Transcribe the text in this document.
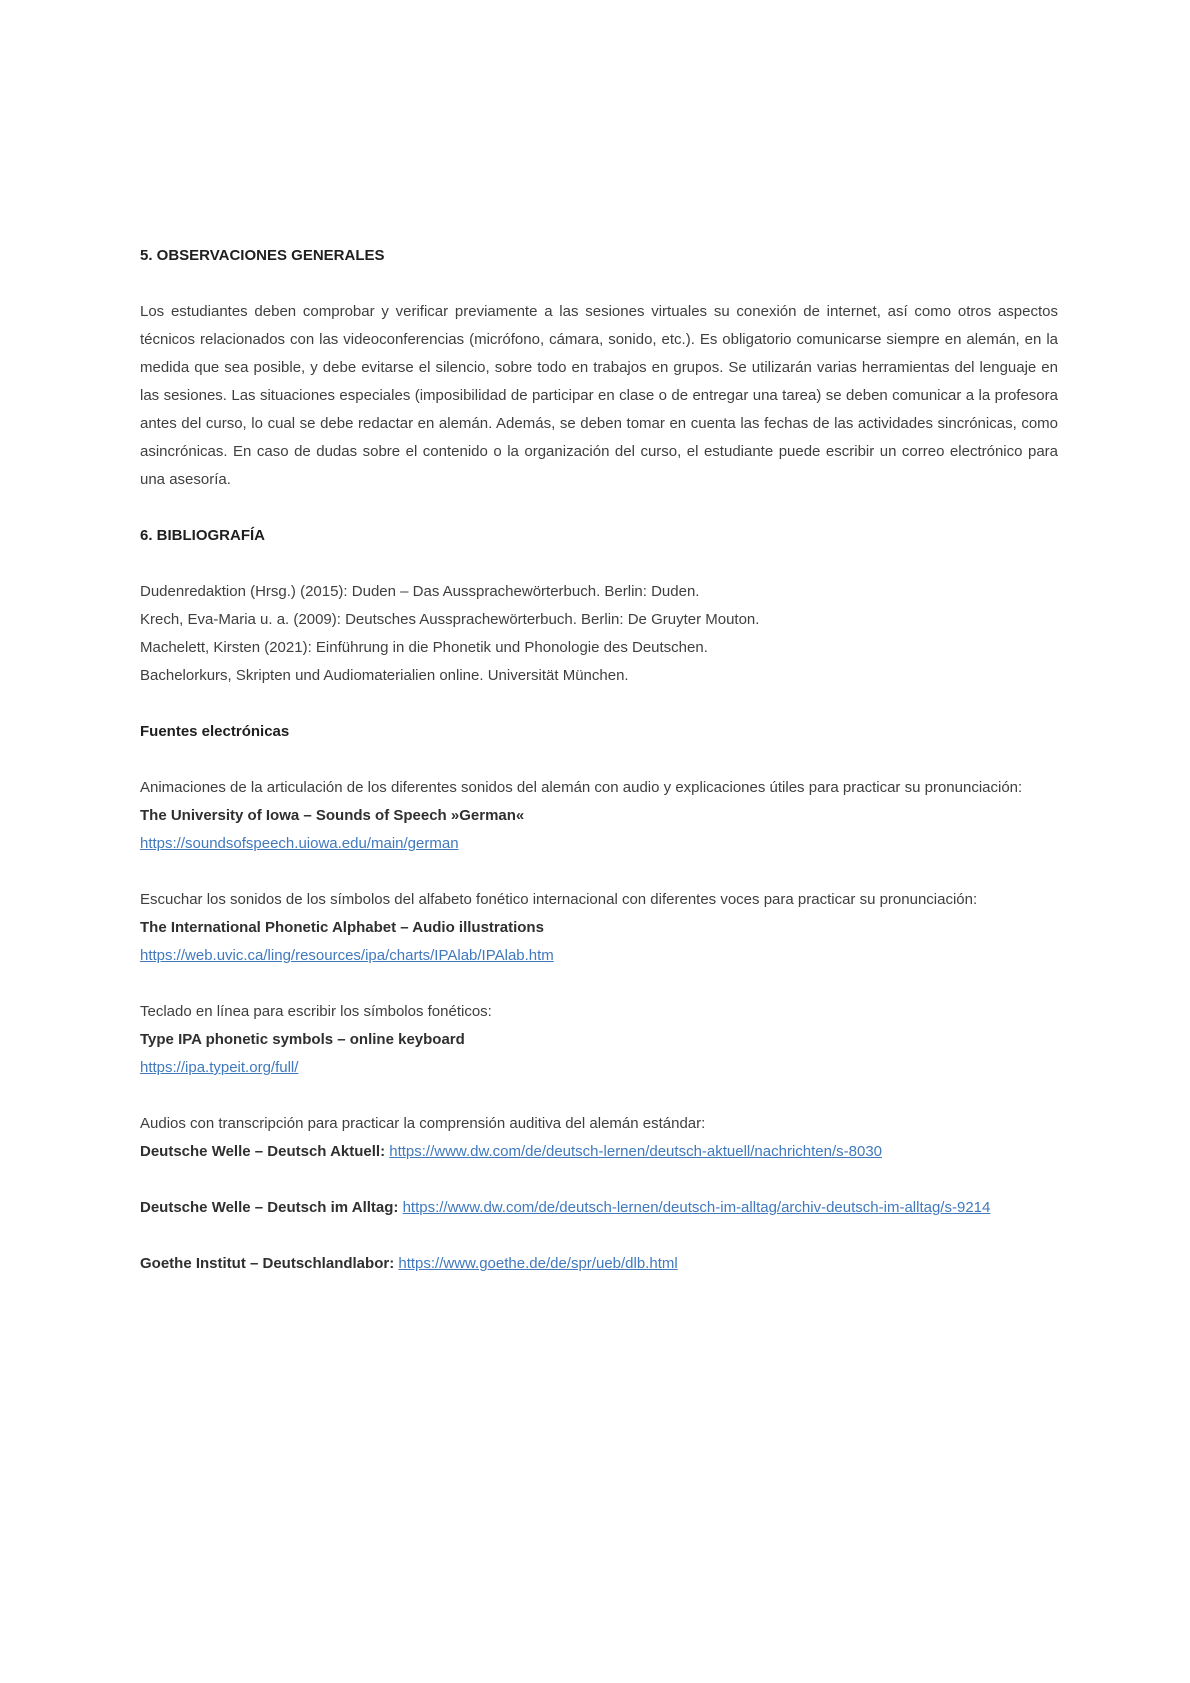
5. OBSERVACIONES GENERALES

Los estudiantes deben comprobar y verificar previamente a las sesiones virtuales su conexión de internet, así como otros aspectos técnicos relacionados con las videoconferencias (micrófono, cámara, sonido, etc.). Es obligatorio comunicarse siempre en alemán, en la medida que sea posible, y debe evitarse el silencio, sobre todo en trabajos en grupos. Se utilizarán varias herramientas del lenguaje en las sesiones. Las situaciones especiales (imposibilidad de participar en clase o de entregar una tarea) se deben comunicar a la profesora antes del curso, lo cual se debe redactar en alemán. Además, se deben tomar en cuenta las fechas de las actividades sincrónicas, como asincrónicas. En caso de dudas sobre el contenido o la organización del curso, el estudiante puede escribir un correo electrónico para una asesoría.

6. BIBLIOGRAFÍA

Dudenredaktion (Hrsg.) (2015): Duden – Das Aussprachewörterbuch. Berlin: Duden.

Krech, Eva-Maria u. a. (2009): Deutsches Aussprachewörterbuch. Berlin: De Gruyter Mouton.

Machelett, Kirsten (2021): Einführung in die Phonetik und Phonologie des Deutschen.

Bachelorkurs, Skripten und Audiomaterialien online. Universität München.

Fuentes electrónicas

Animaciones de la articulación de los diferentes sonidos del alemán con audio y explicaciones útiles para practicar su pronunciación:

The University of Iowa – Sounds of Speech »German«

https://soundsofspeech.uiowa.edu/main/german

Escuchar los sonidos de los símbolos del alfabeto fonético internacional con diferentes voces para practicar su pronunciación:

The International Phonetic Alphabet – Audio illustrations

https://web.uvic.ca/ling/resources/ipa/charts/IPAlab/IPAlab.htm

Teclado en línea para escribir los símbolos fonéticos:

Type IPA phonetic symbols – online keyboard

https://ipa.typeit.org/full/

Audios con transcripción para practicar la comprensión auditiva del alemán estándar:

Deutsche Welle – Deutsch Aktuell: https://www.dw.com/de/deutsch-lernen/deutsch-aktuell/nachrichten/s-8030

Deutsche Welle – Deutsch im Alltag: https://www.dw.com/de/deutsch-lernen/deutsch-im-alltag/archiv-deutsch-im-alltag/s-9214

Goethe Institut – Deutschlandlabor: https://www.goethe.de/de/spr/ueb/dlb.html
